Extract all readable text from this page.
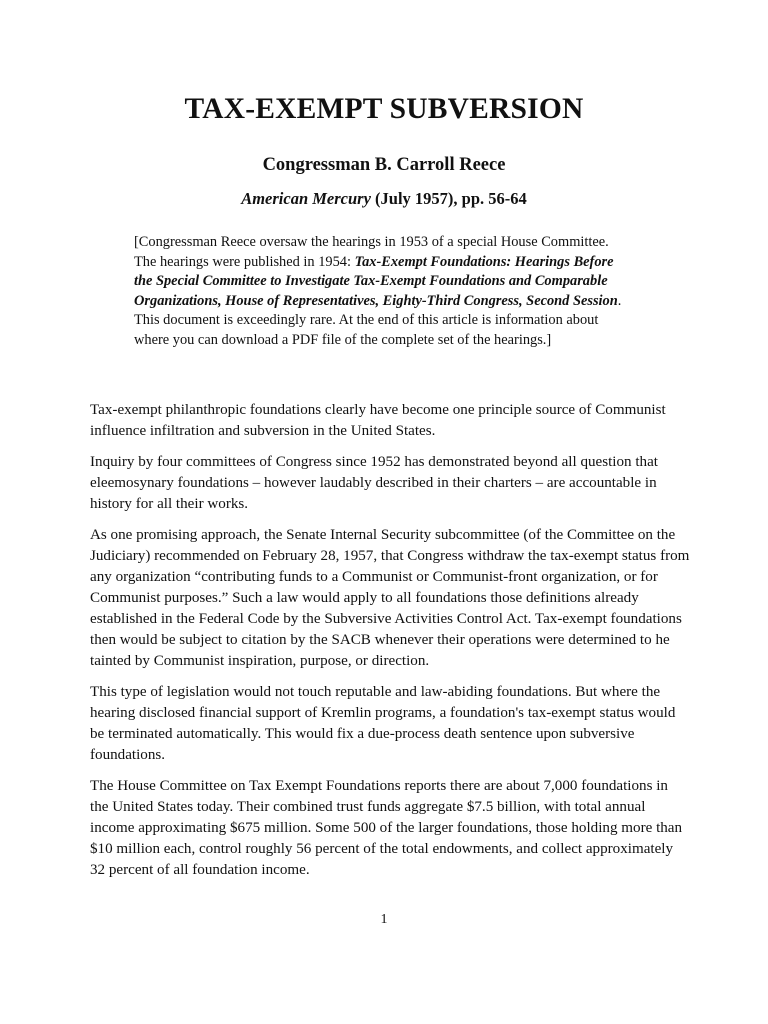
TAX-EXEMPT SUBVERSION
Congressman B. Carroll Reece
American Mercury (July 1957), pp. 56-64
[Congressman Reece oversaw the hearings in 1953 of a special House Committee. The hearings were published in 1954: Tax-Exempt Foundations: Hearings Before the Special Committee to Investigate Tax-Exempt Foundations and Comparable Organizations, House of Representatives, Eighty-Third Congress, Second Session. This document is exceedingly rare. At the end of this article is information about where you can download a PDF file of the complete set of the hearings.]

Tax-exempt philanthropic foundations clearly have become one principle source of Communist influence infiltration and subversion in the United States.

Inquiry by four committees of Congress since 1952 has demonstrated beyond all question that eleemosynary foundations – however laudably described in their charters – are accountable in history for all their works.

As one promising approach, the Senate Internal Security subcommittee (of the Committee on the Judiciary) recommended on February 28, 1957, that Congress withdraw the tax-exempt status from any organization “contributing funds to a Communist or Communist-front organization, or for Communist purposes.” Such a law would apply to all foundations those definitions already established in the Federal Code by the Subversive Activities Control Act. Tax-exempt foundations then would be subject to citation by the SACB whenever their operations were determined to he tainted by Communist inspiration, purpose, or direction.

This type of legislation would not touch reputable and law-abiding foundations. But where the hearing disclosed financial support of Kremlin programs, a foundation's tax-exempt status would be terminated automatically. This would fix a due-process death sentence upon subversive foundations.

The House Committee on Tax Exempt Foundations reports there are about 7,000 foundations in the United States today. Their combined trust funds aggregate $7.5 billion, with total annual income approximating $675 million. Some 500 of the larger foundations, those holding more than $10 million each, control roughly 56 percent of the total endowments, and collect approximately 32 percent of all foundation income.

1
